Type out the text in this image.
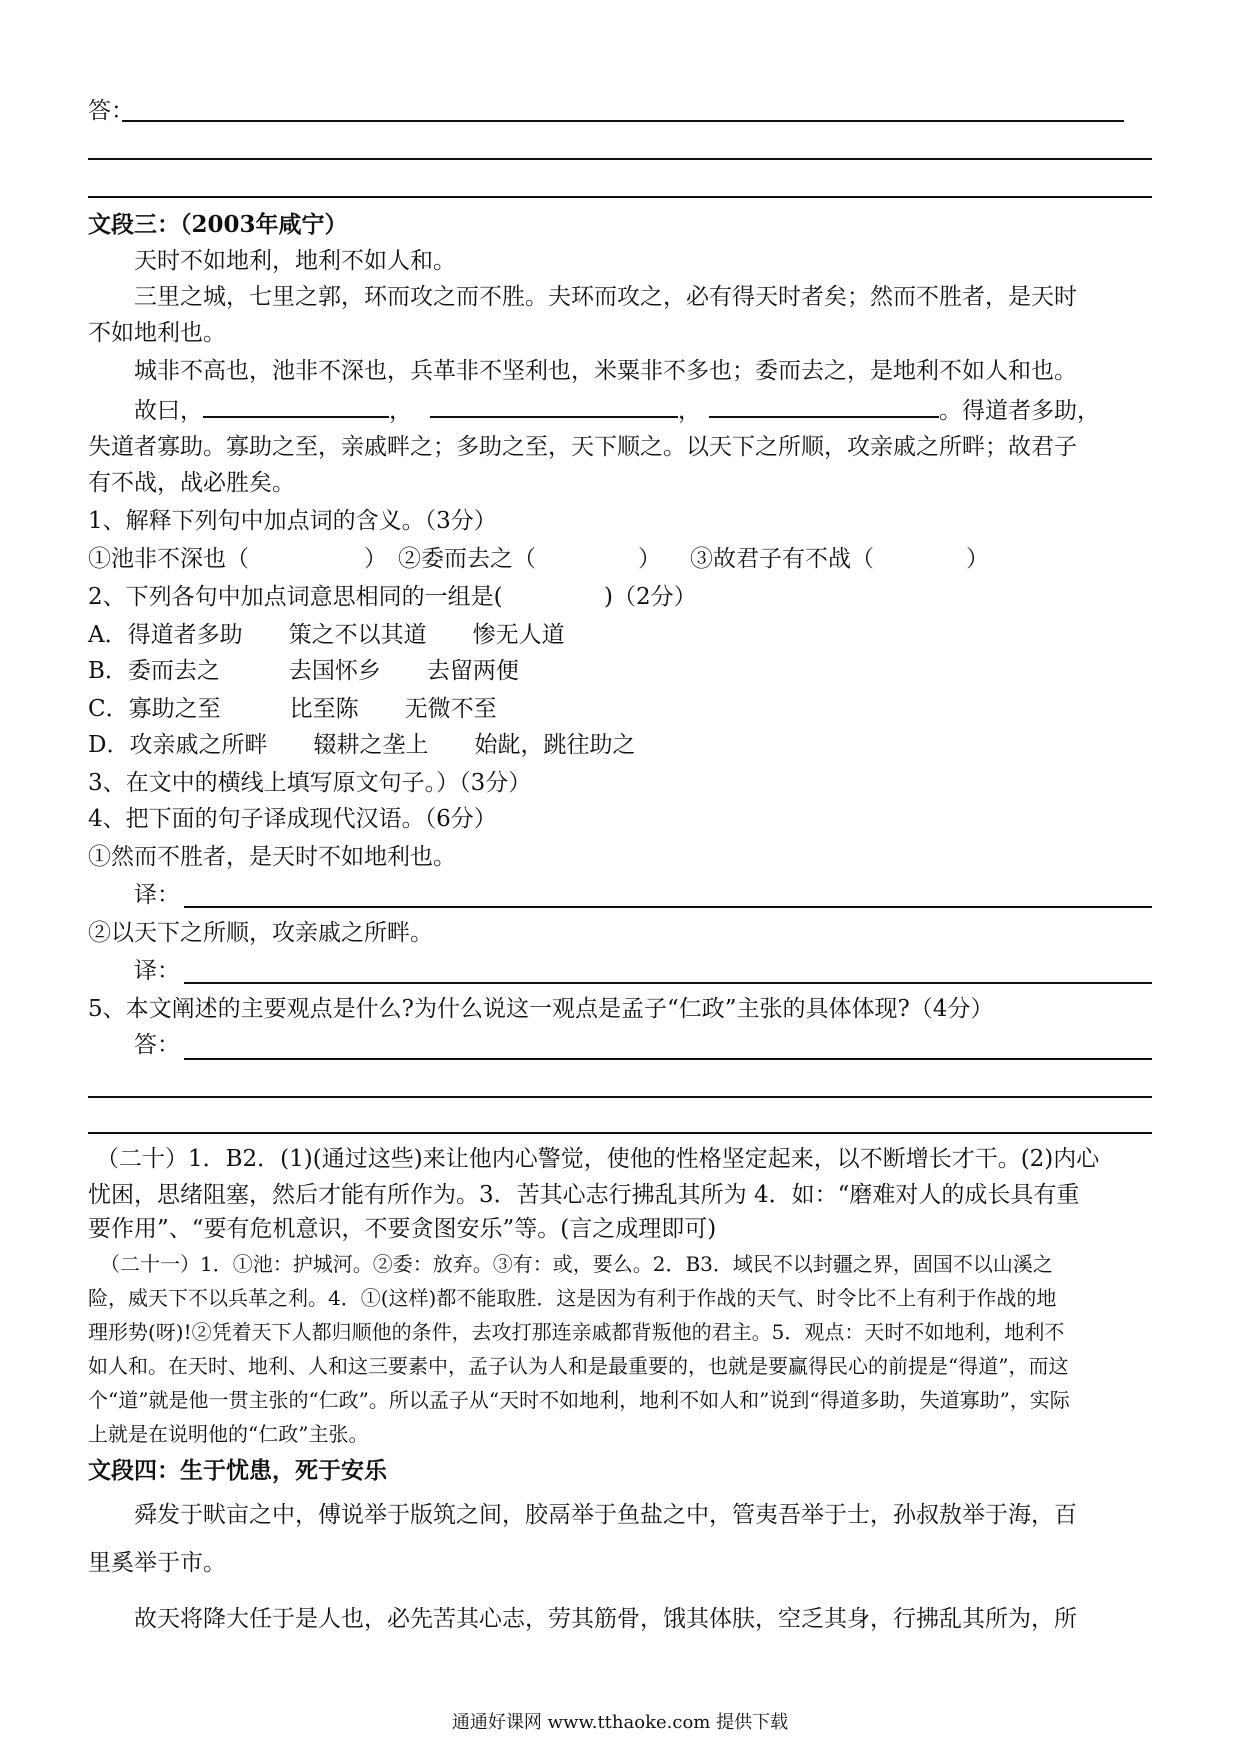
答：
文段三：（2003年咸宁）
天时不如地利，地利不如人和。
三里之城，七里之郭，环而攻之而不胜。夫环而攻之，必有得天时者矣；然而不胜者，是天时
不如地利也。
城非不高也，池非不深也，兵革非不坚利也，米粟非不多也；委而去之，是地利不如人和也。
故曰，	，	，	。得道者多助，
失道者寡助。寡助之至，亲戚畔之；多助之至，天下顺之。以天下之所顺，攻亲戚之所畔；故君子
有不战，战必胜矣。
1、解释下列句中加点词的含义。（3分）
①池非不深也（	） ②委而去之（	） ③故君子有不战（	）
2、下列各句中加点词意思相同的一组是(	)（2分）
A．得道者多助　　策之不以其道　　惨无人道
B．委而去之　　　去国怀乡　　去留两便
C．寡助之至　　　比至陈　　无微不至
D．攻亲戚之所畔　　辍耕之垄上　　始龀，跳往助之
3、在文中的横线上填写原文句子。）（3分）
4、把下面的句子译成现代汉语。（6分）
①然而不胜者，是天时不如地利也。
译：
②以天下之所顺，攻亲戚之所畔。
译：
5、本文阐述的主要观点是什么?为什么说这一观点是孟子“仁政”主张的具体体现?（4分）
答：
（二十）1．B2．(1)(通过这些)来让他内心警觉，使他的性格坚定起来，以不断增长才干。(2)内心
忧困，思绪阻塞，然后才能有所作为。3．苦其心志行拂乱其所为 4．如：“磨难对人的成长具有重
要作用”、“要有危机意识，不要贪图安乐”等。(言之成理即可)
（二十一）1．①池：护城河。②委：放弃。③有：或，要么。2．B3．域民不以封疆之界，固国不以山溪之
险，威天下不以兵革之利。4．①(这样)都不能取胜．这是因为有利于作战的天气、时令比不上有利于作战的地
理形势(呀)!②凭着天下人都归顺他的条件，去攻打那连亲戚都背叛他的君主。5．观点：天时不如地利，地利不
如人和。在天时、地利、人和这三要素中，孟子认为人和是最重要的，也就是要赢得民心的前提是“得道”，而这
个“道”就是他一贯主张的“仁政”。所以孟子从“天时不如地利，地利不如人和”说到“得道多助，失道寡助”，实际
上就是在说明他的“仁政”主张。
文段四：生于忧患，死于安乐
舜发于畎亩之中，傅说举于版筑之间，胶鬲举于鱼盐之中，管夷吾举于士，孙叔敖举于海，百
里奚举于市。
故天将降大任于是人也，必先苦其心志，劳其筋骨，饿其体肤，空乏其身，行拂乱其所为，所
通通好课网 www.tthaoke.com 提供下载
